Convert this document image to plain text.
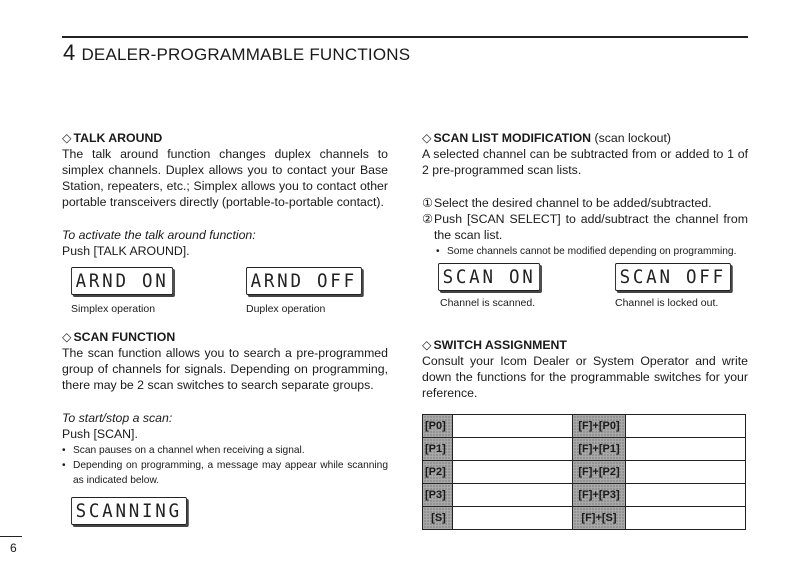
4 DEALER-PROGRAMMABLE FUNCTIONS
◇ TALK AROUND

The talk around function changes duplex channels to simplex channels. Duplex allows you to contact your Base Station, repeaters, etc.; Simplex allows you to contact other portable transceivers directly (portable-to-portable contact).

To activate the talk around function:

Push [TALK AROUND].

ARND ON
Simplex operation
ARND OFF
Duplex operation
◇ SCAN FUNCTION

The scan function allows you to search a pre-programmed group of channels for signals. Depending on programming, there may be 2 scan switches to search separate groups.

To start/stop a scan:

Push [SCAN].

• Scan pauses on a channel when receiving a signal.
• Depending on programming, a message may appear while scanning as indicated below.
SCANNING
◇ SCAN LIST MODIFICATION (scan lockout)

A selected channel can be subtracted from or added to 1 of 2 pre-programmed scan lists.

① Select the desired channel to be added/subtracted.
② Push [SCAN SELECT] to add/subtract the channel from the scan list.
• Some channels cannot be modified depending on programming.
SCAN ON
Channel is scanned.
SCAN OFF
Channel is locked out.
◇ SWITCH ASSIGNMENT

Consult your Icom Dealer or System Operator and write down the functions for the programmable switches for your reference.

[P0]		[F]+[P0]	
[P1]		[F]+[P1]	
[P2]		[F]+[P2]	
[P3]		[F]+[P3]	
[S]		[F]+[S]	
6
